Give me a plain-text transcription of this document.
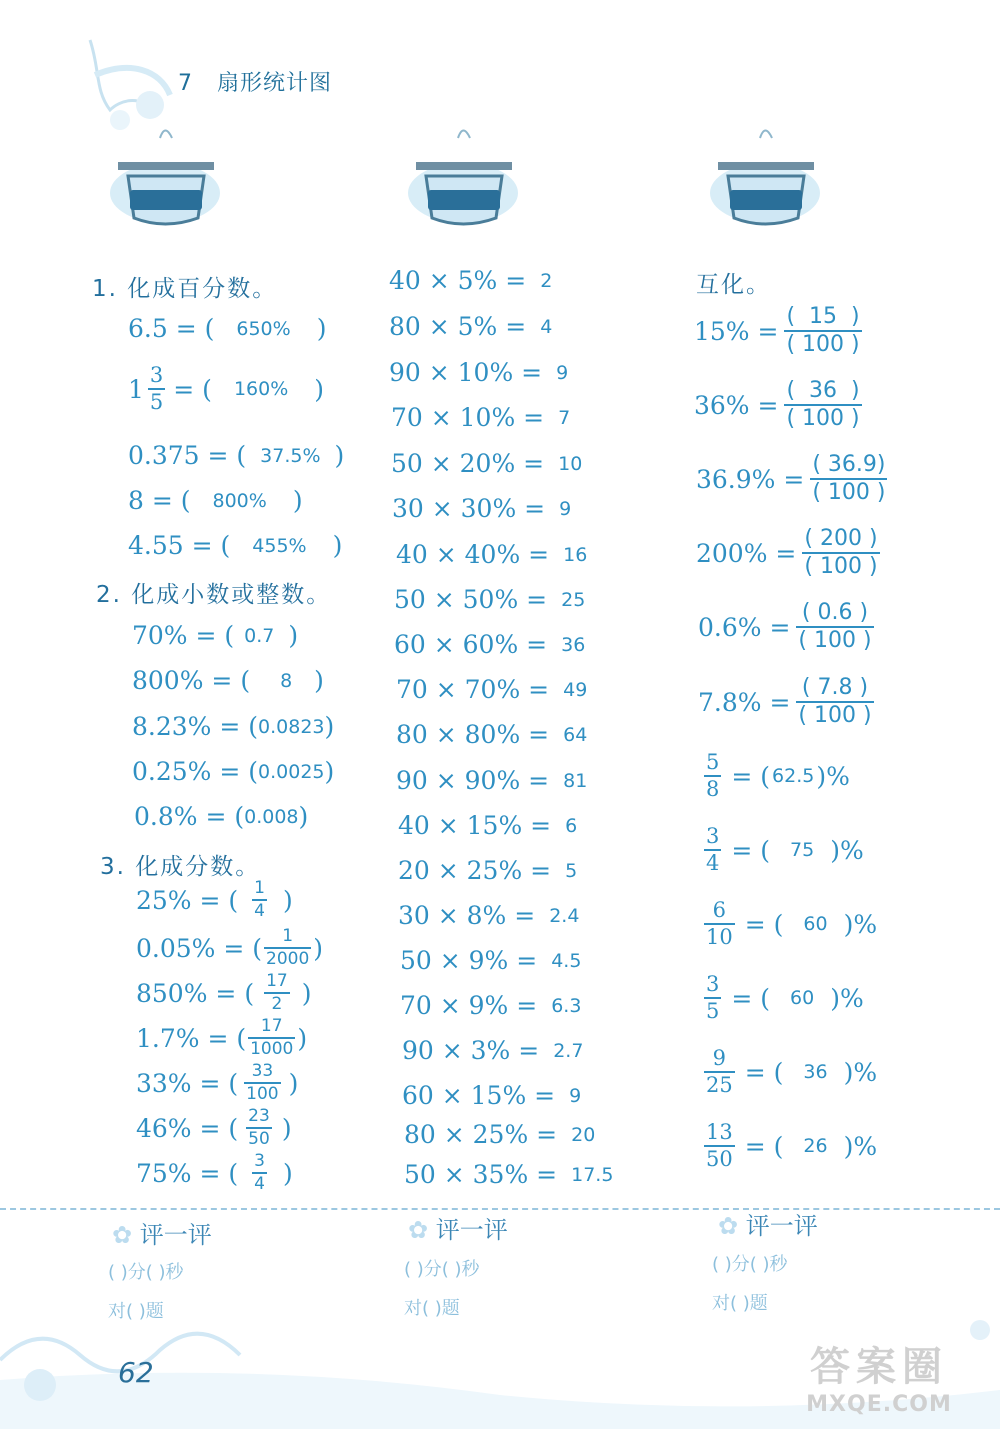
7 扇形统计图
1. 化成百分数。
6.5 = ( 650% )
$1 \frac{3}{5}$ = ( 160% )
0.375 = ( 37.5% )
8 = ( 800% )
4.55 = ( 455% )
2. 化成小数或整数。
70% = ( 0.7 )
800% = ( 8 )
8.23% = ( 0.0823 )
0.25% = ( 0.0025 )
0.8% = ( 0.008 )
3. 化成分数。
25% = ( $\frac{1}{4}$ )
0.05% = ( $\frac{1}{2000}$ )
850% = ( $\frac{17}{2}$ )
1.7% = ( $\frac{17}{1000}$ )
33% = ( $\frac{33}{100}$ )
46% = ( $\frac{23}{50}$ )
75% = ( $\frac{3}{4}$ )
40 × 5% = 2
80 × 5% = 4
90 × 10% = 9
70 × 10% = 7
50 × 20% = 10
30 × 30% = 9
40 × 40% = 16
50 × 50% = 25
60 × 60% = 36
70 × 70% = 49
80 × 80% = 64
90 × 90% = 81
40 × 15% = 6
20 × 25% = 5
30 × 8% = 2.4
50 × 9% = 4.5
70 × 9% = 6.3
90 × 3% = 2.7
60 × 15% = 9
80 × 25% = 20
50 × 35% = 17.5
互化。
$15\% = \frac{( 15 )}{( 100 )}$
$36\% = \frac{( 36 )}{( 100 )}$
$36.9\% = \frac{( 36.9)}{( 100 )}$
$200\% = \frac{( 200 )}{( 100 )}$
$0.6\% = \frac{( 0.6 )}{( 100 )}$
$7.8\% = \frac{( 7.8 )}{( 100 )}$
$\frac{5}{8}$ = ( 62.5 )%
$\frac{3}{4}$ = ( 75 )%
$\frac{6}{10}$ = ( 60 )%
$\frac{3}{5}$ = ( 60 )%
$\frac{9}{25}$ = ( 36 )%
$\frac{13}{50}$ = ( 26 )%
✿ 评一评
( )分( )秒
对( )题
✿ 评一评
( )分( )秒
对( )题
✿ 评一评
( )分( )秒
对( )题
62	答案圈
MXQE.COM
